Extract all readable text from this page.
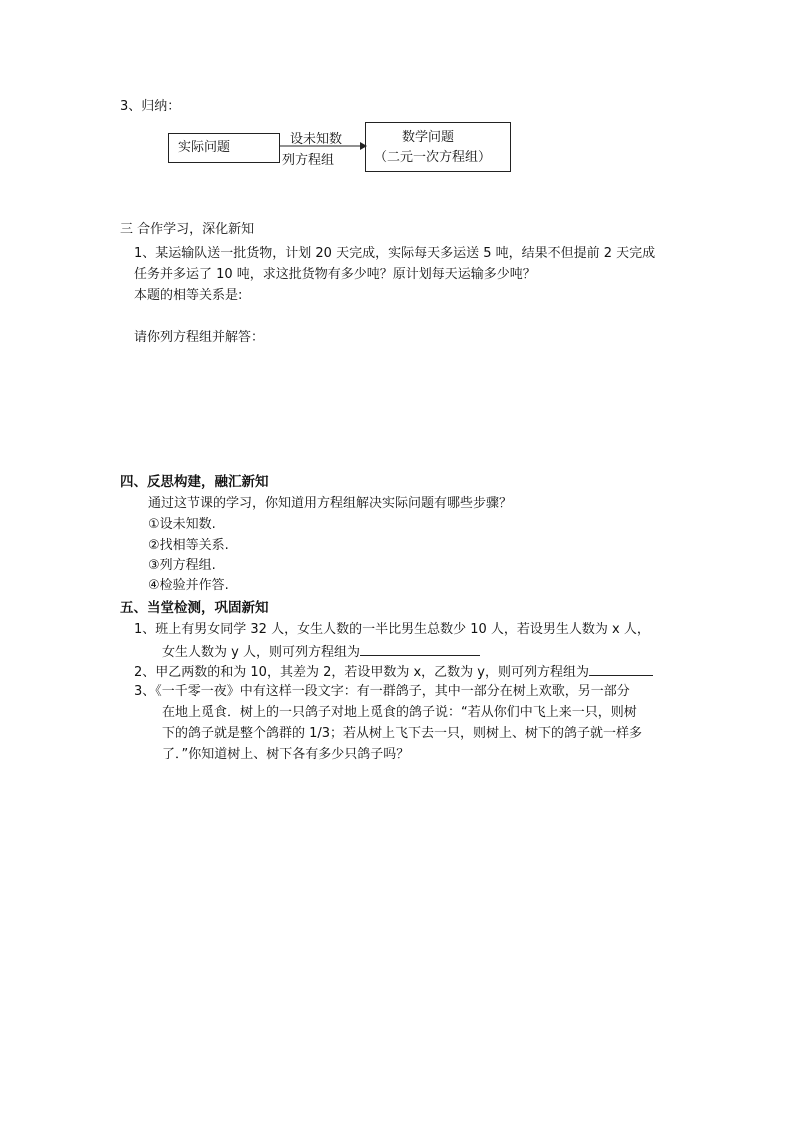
3、归纳：
实际问题
设未知数
列方程组
数学问题
（二元一次方程组）
三 合作学习，深化新知
1、某运输队送一批货物，计划 20 天完成，实际每天多运送 5 吨，结果不但提前 2 天完成
任务并多运了 10 吨，求这批货物有多少吨？原计划每天运输多少吨？
本题的相等关系是:
请你列方程组并解答：
四、反思构建，融汇新知
通过这节课的学习，你知道用方程组解决实际问题有哪些步骤？
①设未知数.
②找相等关系.
③列方程组.
④检验并作答.
五、当堂检测，巩固新知
1、班上有男女同学 32 人，女生人数的一半比男生总数少 10 人，若设男生人数为 x 人，
女生人数为 y 人，则可列方程组为
2、甲乙两数的和为 10，其差为 2，若设甲数为 x，乙数为 y，则可列方程组为
3、《一千零一夜》中有这样一段文字：有一群鸽子，其中一部分在树上欢歌，另一部分
在地上觅食．树上的一只鸽子对地上觅食的鸽子说：“若从你们中飞上来一只，则树
下的鸽子就是整个鸽群的 1/3；若从树上飞下去一只，则树上、树下的鸽子就一样多
了．”你知道树上、树下各有多少只鸽子吗？
